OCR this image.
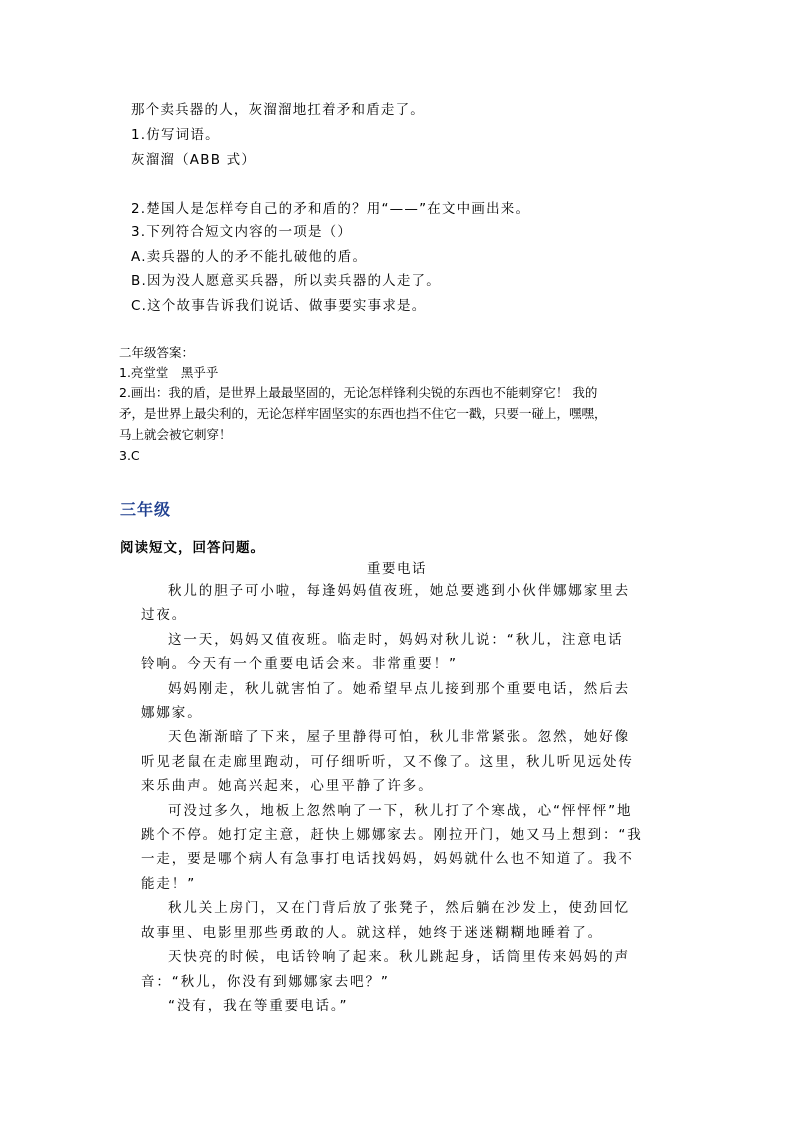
那个卖兵器的人，灰溜溜地扛着矛和盾走了。
1.仿写词语。
灰溜溜（ABB 式）
2.楚国人是怎样夸自己的矛和盾的？用“——”在文中画出来。
3.下列符合短文内容的一项是（）
A.卖兵器的人的矛不能扎破他的盾。
B.因为没人愿意买兵器，所以卖兵器的人走了。
C.这个故事告诉我们说话、做事要实事求是。
二年级答案：
1.亮堂堂　黑乎乎
2.画出：我的盾，是世界上最最坚固的，无论怎样锋利尖锐的东西也不能刺穿它！ 我的
矛，是世界上最尖利的，无论怎样牢固坚实的东西也挡不住它一戳，只要一碰上，嘿嘿，
马上就会被它刺穿！
3.C
三年级
阅读短文，回答问题。
重要电话
秋儿的胆子可小啦，每逢妈妈值夜班，她总要逃到小伙伴娜娜家里去
过夜。
这一天，妈妈又值夜班。临走时，妈妈对秋儿说：“秋儿，注意电话
铃响。今天有一个重要电话会来。非常重要！”
妈妈刚走，秋儿就害怕了。她希望早点儿接到那个重要电话，然后去
娜娜家。
天色渐渐暗了下来，屋子里静得可怕，秋儿非常紧张。忽然，她好像
听见老鼠在走廊里跑动，可仔细听听，又不像了。这里，秋儿听见远处传
来乐曲声。她高兴起来，心里平静了许多。
可没过多久，地板上忽然响了一下，秋儿打了个寒战，心“怦怦怦”地
跳个不停。她打定主意，赶快上娜娜家去。刚拉开门，她又马上想到：“我
一走，要是哪个病人有急事打电话找妈妈，妈妈就什么也不知道了。我不
能走！”
秋儿关上房门，又在门背后放了张凳子，然后躺在沙发上，使劲回忆
故事里、电影里那些勇敢的人。就这样，她终于迷迷糊糊地睡着了。
天快亮的时候，电话铃响了起来。秋儿跳起身，话筒里传来妈妈的声
音：“秋儿，你没有到娜娜家去吧？”
“没有，我在等重要电话。”
